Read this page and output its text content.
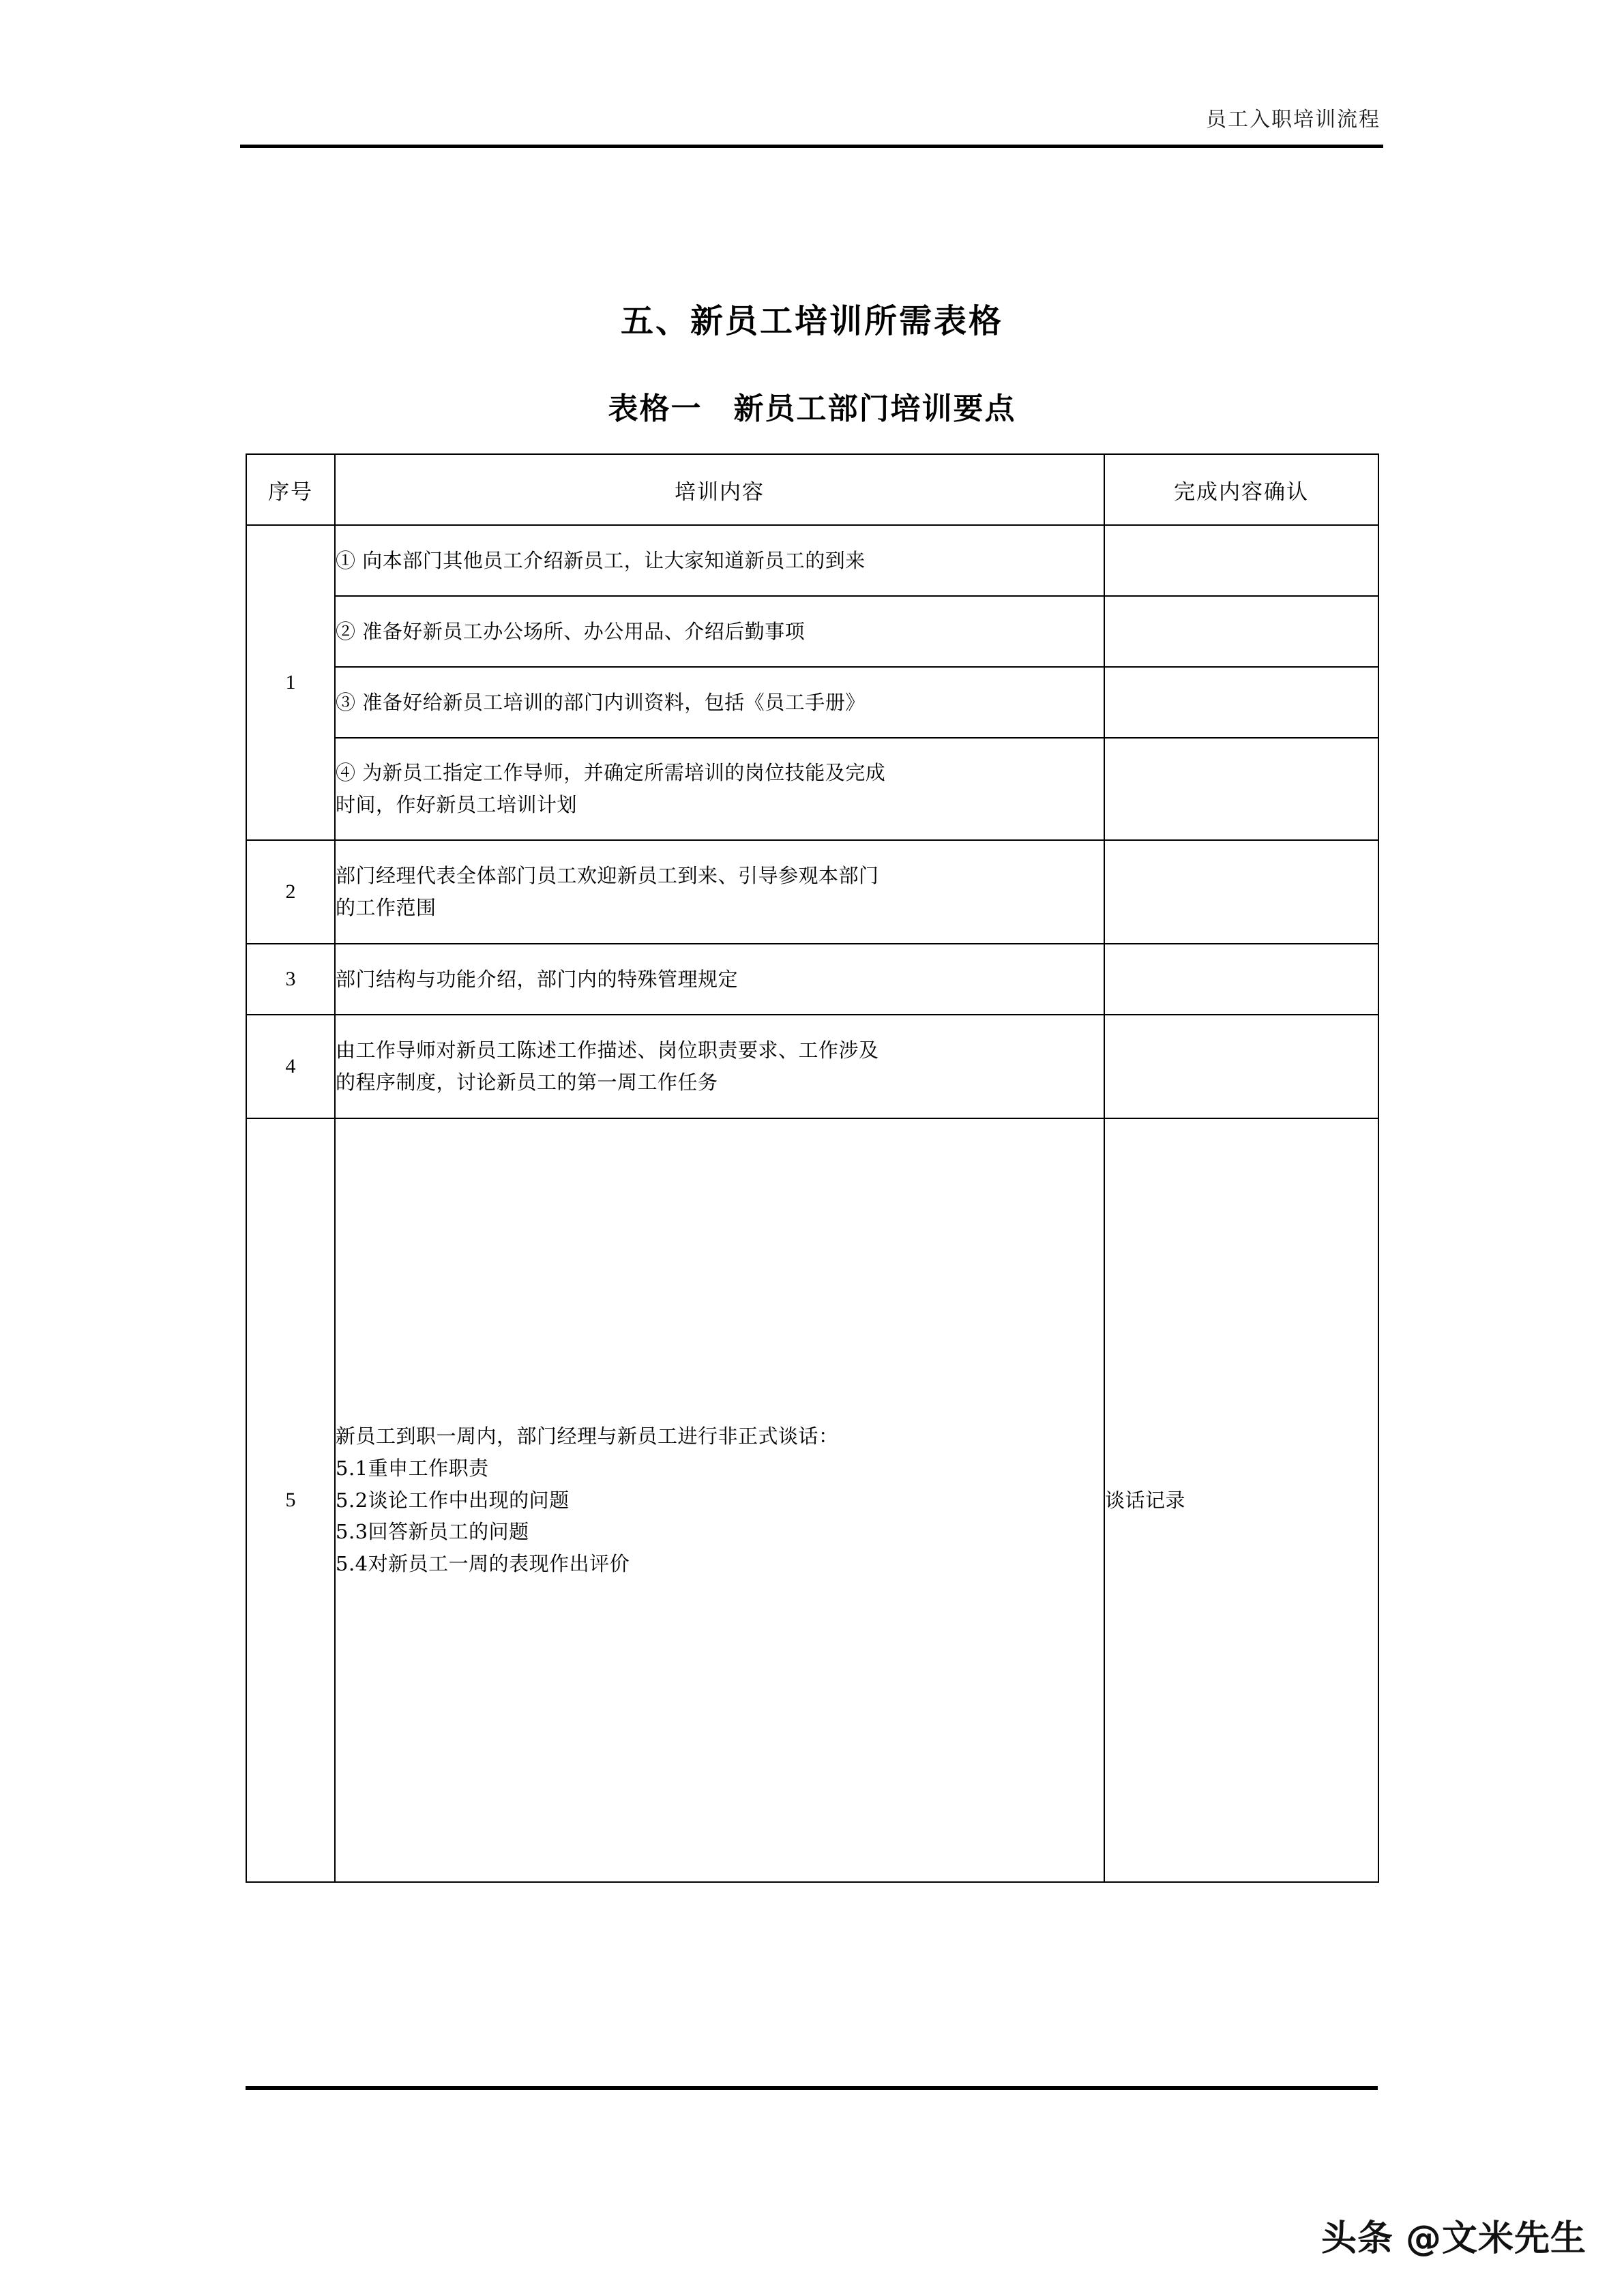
员工入职培训流程
五、新员工培训所需表格
表格一 新员工部门培训要点
序号	培训内容	完成内容确认
1	① 向本部门其他员工介绍新员工，让大家知道新员工的到来	
	② 准备好新员工办公场所、办公用品、介绍后勤事项	
	③ 准备好给新员工培训的部门内训资料，包括《员工手册》	

	④ 为新员工指定工作导师，并确定所需培训的岗位技能及完成
时间，作好新员工培训计划	

2	部门经理代表全体部门员工欢迎新员工到来、引导参观本部门
的工作范围	

3	部门结构与功能介绍，部门内的特殊管理规定	

4	由工作导师对新员工陈述工作描述、岗位职责要求、工作涉及
的程序制度，讨论新员工的第一周工作任务	

5	新员工到职一周内，部门经理与新员工进行非正式谈话：
5.1重申工作职责
5.2谈论工作中出现的问题
5.3回答新员工的问题
5.4对新员工一周的表现作出评价	谈话记录
头条 @文米先生
